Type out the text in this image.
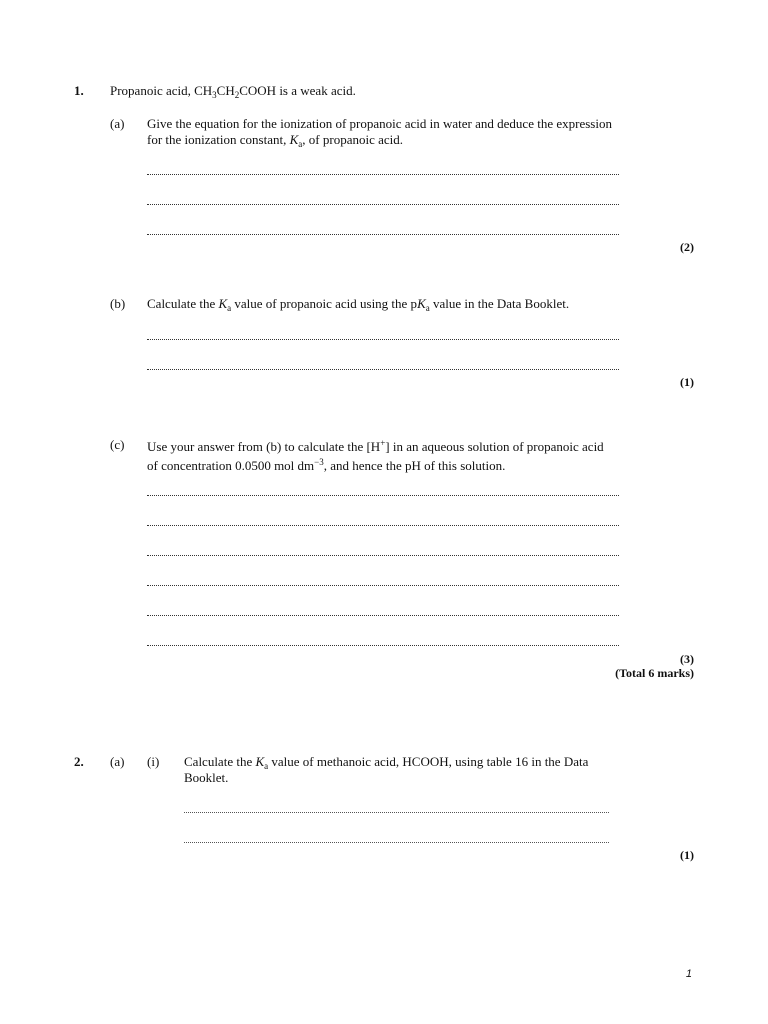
1. Propanoic acid, $CH_3CH_2COOH$ is a weak acid.
(a) Give the equation for the ionization of propanoic acid in water and deduce the expression
for the ionization constant, $K_a$, of propanoic acid.
(2)
(b) Calculate the $K_a$ value of propanoic acid using the $pK_a$ value in the Data Booklet.
(1)
(c) Use your answer from (b) to calculate the [H+] in an aqueous solution of propanoic acid
of concentration 0.0500 mol $dm^{-3}$, and hence the pH of this solution.
(3)
(Total 6 marks)
2. (a) (i) Calculate the $K_a$ value of methanoic acid, HCOOH, using table 16 in the Data
Booklet.
(1)
1
